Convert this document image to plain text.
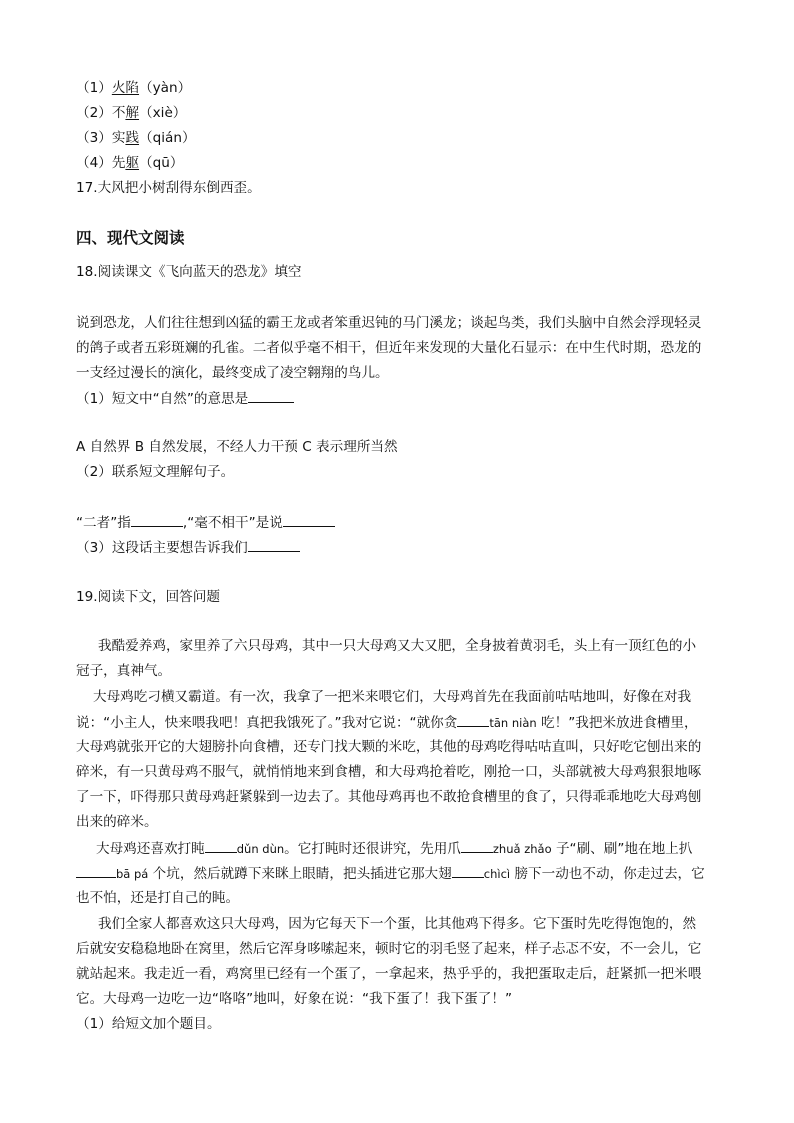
（1）火陷（yàn）
（2）不解（xiè）
（3）实践（qián）
（4）先躯（qū）
17.大风把小树刮得东倒西歪。
四、现代文阅读
18.阅读课文《飞向蓝天的恐龙》填空
说到恐龙，人们往往想到凶猛的霸王龙或者笨重迟钝的马门溪龙；谈起鸟类，我们头脑中自然会浮现轻灵
的鸽子或者五彩斑斓的孔雀。二者似乎毫不相干，但近年来发现的大量化石显示：在中生代时期，恐龙的
一支经过漫长的演化，最终变成了凌空翱翔的鸟儿。
（1）短文中“自然”的意思是
A 自然界 B 自然发展，不经人力干预 C 表示理所当然
（2）联系短文理解句子。
“二者”指	,“毫不相干”是说
（3）这段话主要想告诉我们
19.阅读下文，回答问题
我酷爱养鸡，家里养了六只母鸡，其中一只大母鸡又大又肥，全身披着黄羽毛，头上有一顶红色的小
冠子，真神气。
大母鸡吃刁横又霸道。有一次，我拿了一把米来喂它们，大母鸡首先在我面前咕咕地叫，好像在对我
说：“小主人，快来喂我吧！真把我饿死了。”我对它说：“就你贪	tān niàn 吃！”我把米放进食槽里，
大母鸡就张开它的大翅膀扑向食槽，还专门找大颗的米吃，其他的母鸡吃得咕咕直叫，只好吃它刨出来的
碎米，有一只黄母鸡不服气，就悄悄地来到食槽，和大母鸡抢着吃，刚抢一口，头部就被大母鸡狠狠地啄
了一下，吓得那只黄母鸡赶紧躲到一边去了。其他母鸡再也不敢抢食槽里的食了，只得乖乖地吃大母鸡刨
出来的碎米。
大母鸡还喜欢打盹	dǔn dùn。它打盹时还很讲究，先用爪	zhuǎ zhǎo 子“刷、刷”地在地上扒
bā pá 个坑，然后就蹲下来眯上眼睛，把头插进它那大翅	chìcì 膀下一动也不动，你走过去，它
也不怕，还是打自己的盹。
我们全家人都喜欢这只大母鸡，因为它每天下一个蛋，比其他鸡下得多。它下蛋时先吃得饱饱的，然
后就安安稳稳地卧在窝里，然后它浑身哆嗦起来，顿时它的羽毛竖了起来，样子忐忑不安，不一会儿，它
就站起来。我走近一看，鸡窝里已经有一个蛋了，一拿起来，热乎乎的，我把蛋取走后，赶紧抓一把米喂
它。大母鸡一边吃一边“咯咯”地叫，好象在说：“我下蛋了！我下蛋了！”
（1）给短文加个题目。
